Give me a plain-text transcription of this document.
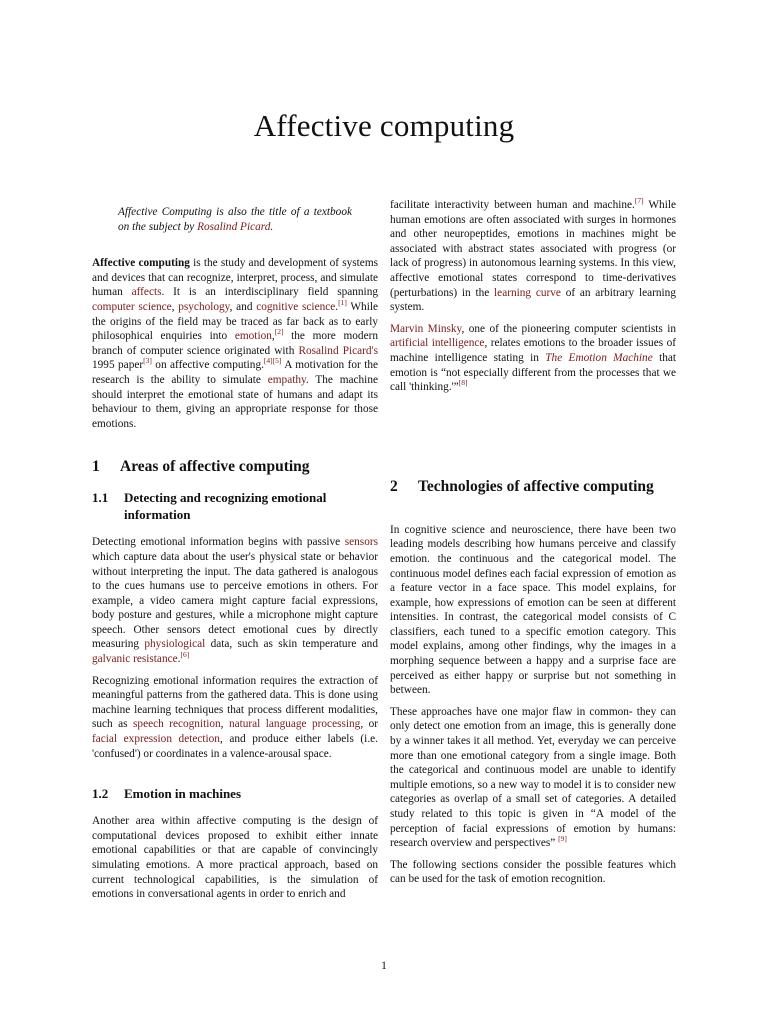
Affective computing

Affective Computing is also the title of a textbook on the subject by Rosalind Picard.

Affective computing is the study and development of systems and devices that can recognize, interpret, process, and simulate human affects. It is an interdisciplinary field spanning computer science, psychology, and cognitive science.[1] While the origins of the field may be traced as far back as to early philosophical enquiries into emotion,[2] the more modern branch of computer science originated with Rosalind Picard's 1995 paper[3] on affective computing.[4][5] A motivation for the research is the ability to simulate empathy. The machine should interpret the emotional state of humans and adapt its behaviour to them, giving an appropriate response for those emotions.

1 Areas of affective computing
1.1	Detecting and recognizing emotional information

Detecting emotional information begins with passive sensors which capture data about the user's physical state or behavior without interpreting the input. The data gathered is analogous to the cues humans use to perceive emotions in others. For example, a video camera might capture facial expressions, body posture and gestures, while a microphone might capture speech. Other sensors detect emotional cues by directly measuring physiological data, such as skin temperature and galvanic resistance.[6]

Recognizing emotional information requires the extraction of meaningful patterns from the gathered data. This is done using machine learning techniques that process different modalities, such as speech recognition, natural language processing, or facial expression detection, and produce either labels (i.e. 'confused') or coordinates in a valence-arousal space.

1.2 Emotion in machines

Another area within affective computing is the design of computational devices proposed to exhibit either innate emotional capabilities or that are capable of convincingly simulating emotions. A more practical approach, based on current technological capabilities, is the simulation of emotions in conversational agents in order to enrich and

facilitate interactivity between human and machine.[7] While human emotions are often associated with surges in hormones and other neuropeptides, emotions in machines might be associated with abstract states associated with progress (or lack of progress) in autonomous learning systems. In this view, affective emotional states correspond to time-derivatives (perturbations) in the learning curve of an arbitrary learning system.

Marvin Minsky, one of the pioneering computer scientists in artificial intelligence, relates emotions to the broader issues of machine intelligence stating in The Emotion Machine that emotion is “not especially different from the processes that we call 'thinking.'”[8]

2	Technologies of affective computing

In cognitive science and neuroscience, there have been two leading models describing how humans perceive and classify emotion. the continuous and the categorical model. The continuous model defines each facial expression of emotion as a feature vector in a face space. This model explains, for example, how expressions of emotion can be seen at different intensities. In contrast, the categorical model consists of C classifiers, each tuned to a specific emotion category. This model explains, among other findings, why the images in a morphing sequence between a happy and a surprise face are perceived as either happy or surprise but not something in between.

These approaches have one major flaw in common- they can only detect one emotion from an image, this is generally done by a winner takes it all method. Yet, everyday we can perceive more than one emotional category from a single image. Both the categorical and continuous model are unable to identify multiple emotions, so a new way to model it is to consider new categories as overlap of a small set of categories. A detailed study related to this topic is given in “A model of the perception of facial expressions of emotion by humans: research overview and perspectives” [9]

The following sections consider the possible features which can be used for the task of emotion recognition.

1
